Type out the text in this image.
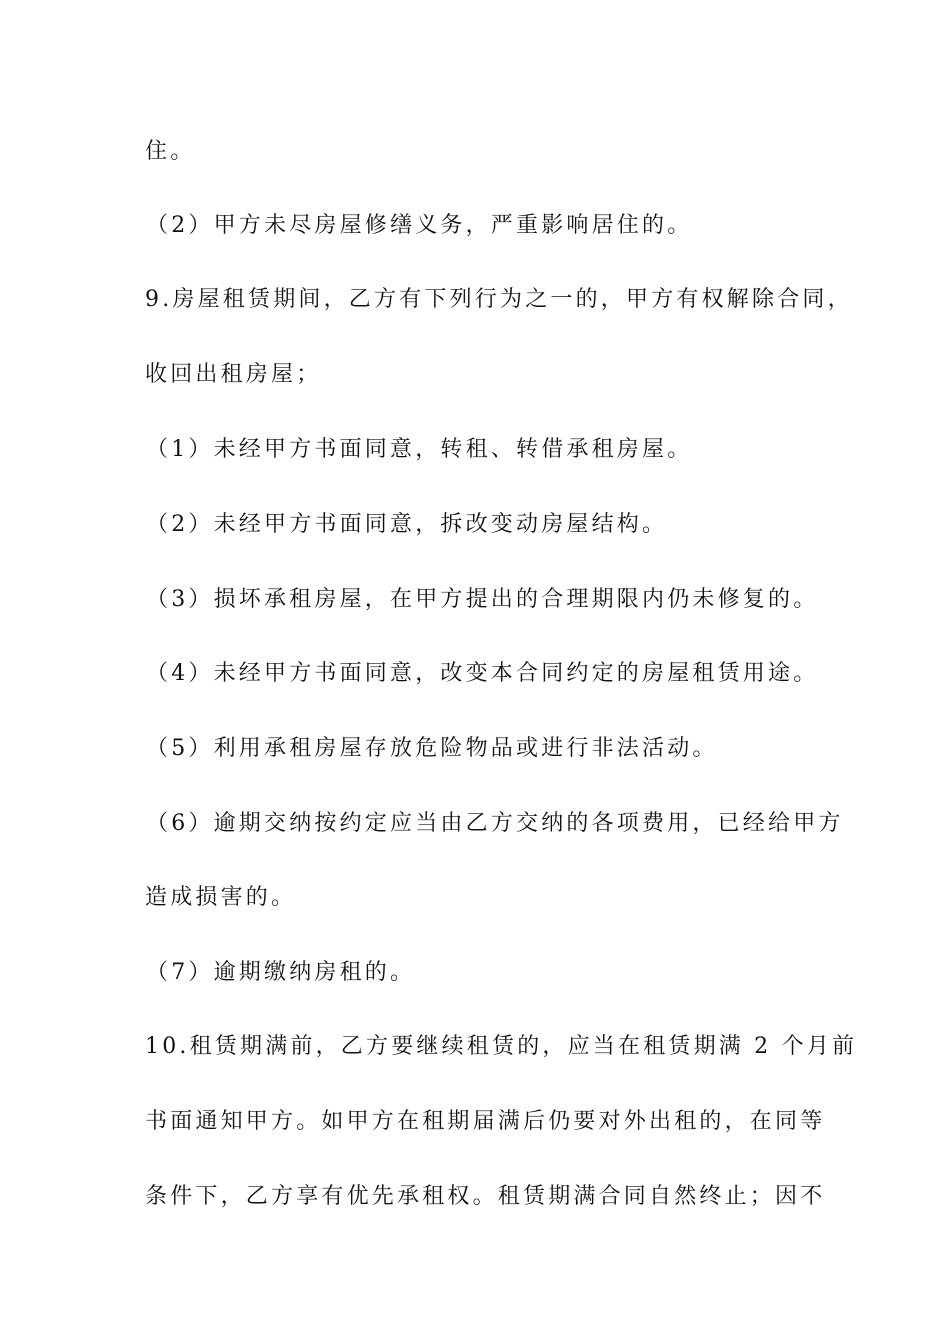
住。
（2）甲方未尽房屋修缮义务，严重影响居住的。
9.房屋租赁期间，乙方有下列行为之一的，甲方有权解除合同，
收回出租房屋；
（1）未经甲方书面同意，转租、转借承租房屋。
（2）未经甲方书面同意，拆改变动房屋结构。
（3）损坏承租房屋，在甲方提出的合理期限内仍未修复的。
（4）未经甲方书面同意，改变本合同约定的房屋租赁用途。
（5）利用承租房屋存放危险物品或进行非法活动。
（6）逾期交纳按约定应当由乙方交纳的各项费用，已经给甲方
造成损害的。
（7）逾期缴纳房租的。
10.租赁期满前，乙方要继续租赁的，应当在租赁期满 2 个月前
书面通知甲方。如甲方在租期届满后仍要对外出租的，在同等
条件下，乙方享有优先承租权。租赁期满合同自然终止；因不
